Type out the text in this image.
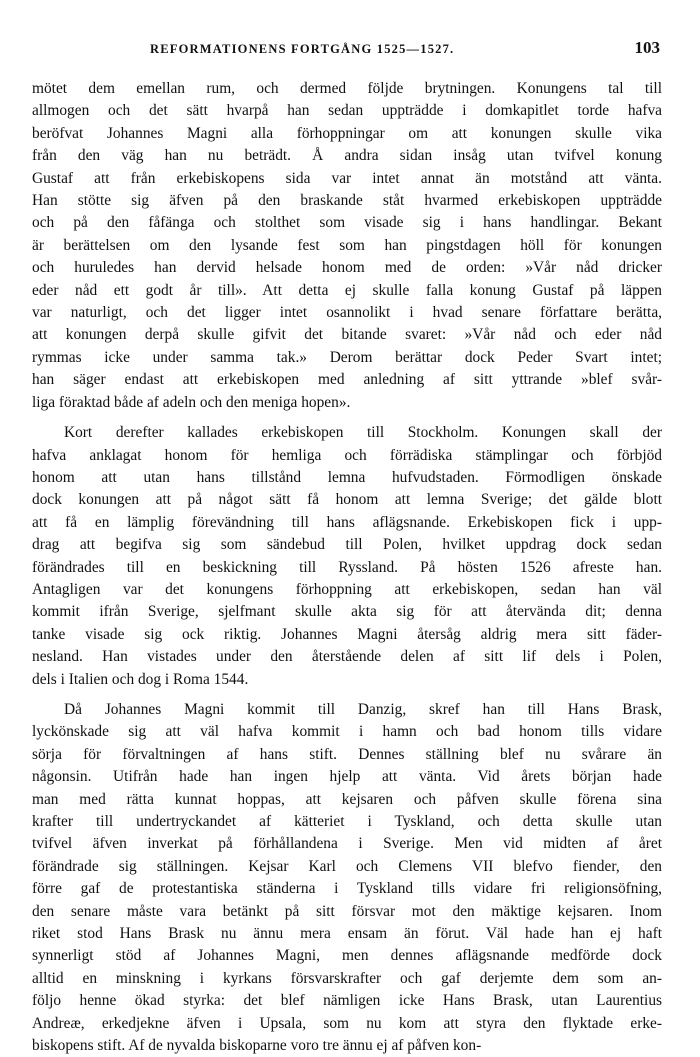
REFORMATIONENS FORTGÅNG 1525—1527.	103
mötet dem emellan rum, och dermed följde brytningen. Konungens tal till
allmogen och det sätt hvarpå han sedan uppträdde i domkapitlet torde hafva
beröfvat Johannes Magni alla förhoppningar om att konungen skulle vika
från den väg han nu beträdt. Å andra sidan insåg utan tvifvel konung
Gustaf att från erkebiskopens sida var intet annat än motstånd att vänta.
Han stötte sig äfven på den braskande ståt hvarmed erkebiskopen uppträdde
och på den fåfänga och stolthet som visade sig i hans handlingar. Bekant
är berättelsen om den lysande fest som han pingstdagen höll för konungen
och huruledes han dervid helsade honom med de orden: »Vår nåd dricker
eder nåd ett godt år till». Att detta ej skulle falla konung Gustaf på läppen
var naturligt, och det ligger intet osannolikt i hvad senare författare berätta,
att konungen derpå skulle gifvit det bitande svaret: »Vår nåd och eder nåd
rymmas icke under samma tak.» Derom berättar dock Peder Svart intet;
han säger endast att erkebiskopen med anledning af sitt yttrande »blef svår-
liga föraktad både af adeln och den meniga hopen».
Kort derefter kallades erkebiskopen till Stockholm. Konungen skall der
hafva anklagat honom för hemliga och förrädiska stämplingar och förbjöd
honom att utan hans tillstånd lemna hufvudstaden. Förmodligen önskade
dock konungen att på något sätt få honom att lemna Sverige; det gälde blott
att få en lämplig förevändning till hans aflägsnande. Erkebiskopen fick i upp-
drag att begifva sig som sändebud till Polen, hvilket uppdrag dock sedan
förändrades till en beskickning till Ryssland. På hösten 1526 afreste han.
Antagligen var det konungens förhoppning att erkebiskopen, sedan han väl
kommit ifrån Sverige, sjelfmant skulle akta sig för att återvända dit; denna
tanke visade sig ock riktig. Johannes Magni återsåg aldrig mera sitt fäder-
nesland. Han vistades under den återstående delen af sitt lif dels i Polen,
dels i Italien och dog i Roma 1544.
Då Johannes Magni kommit till Danzig, skref han till Hans Brask,
lyckönskade sig att väl hafva kommit i hamn och bad honom tills vidare
sörja för förvaltningen af hans stift. Dennes ställning blef nu svårare än
någonsin. Utifrån hade han ingen hjelp att vänta. Vid årets början hade
man med rätta kunnat hoppas, att kejsaren och påfven skulle förena sina
krafter till undertryckandet af kätteriet i Tyskland, och detta skulle utan
tvifvel äfven inverkat på förhållandena i Sverige. Men vid midten af året
förändrade sig ställningen. Kejsar Karl och Clemens VII blefvo fiender, den
förre gaf de protestantiska ständerna i Tyskland tills vidare fri religionsöfning,
den senare måste vara betänkt på sitt försvar mot den mäktige kejsaren. Inom
riket stod Hans Brask nu ännu mera ensam än förut. Väl hade han ej haft
synnerligt stöd af Johannes Magni, men dennes aflägsnande medförde dock
alltid en minskning i kyrkans försvarskrafter och gaf derjemte dem som an-
följo henne ökad styrka: det blef nämligen icke Hans Brask, utan Laurentius
Andreæ, erkedjekne äfven i Upsala, som nu kom att styra den flyktade erke-
biskopens stift. Af de nyvalda biskoparne voro tre ännu ej af påfven kon-
